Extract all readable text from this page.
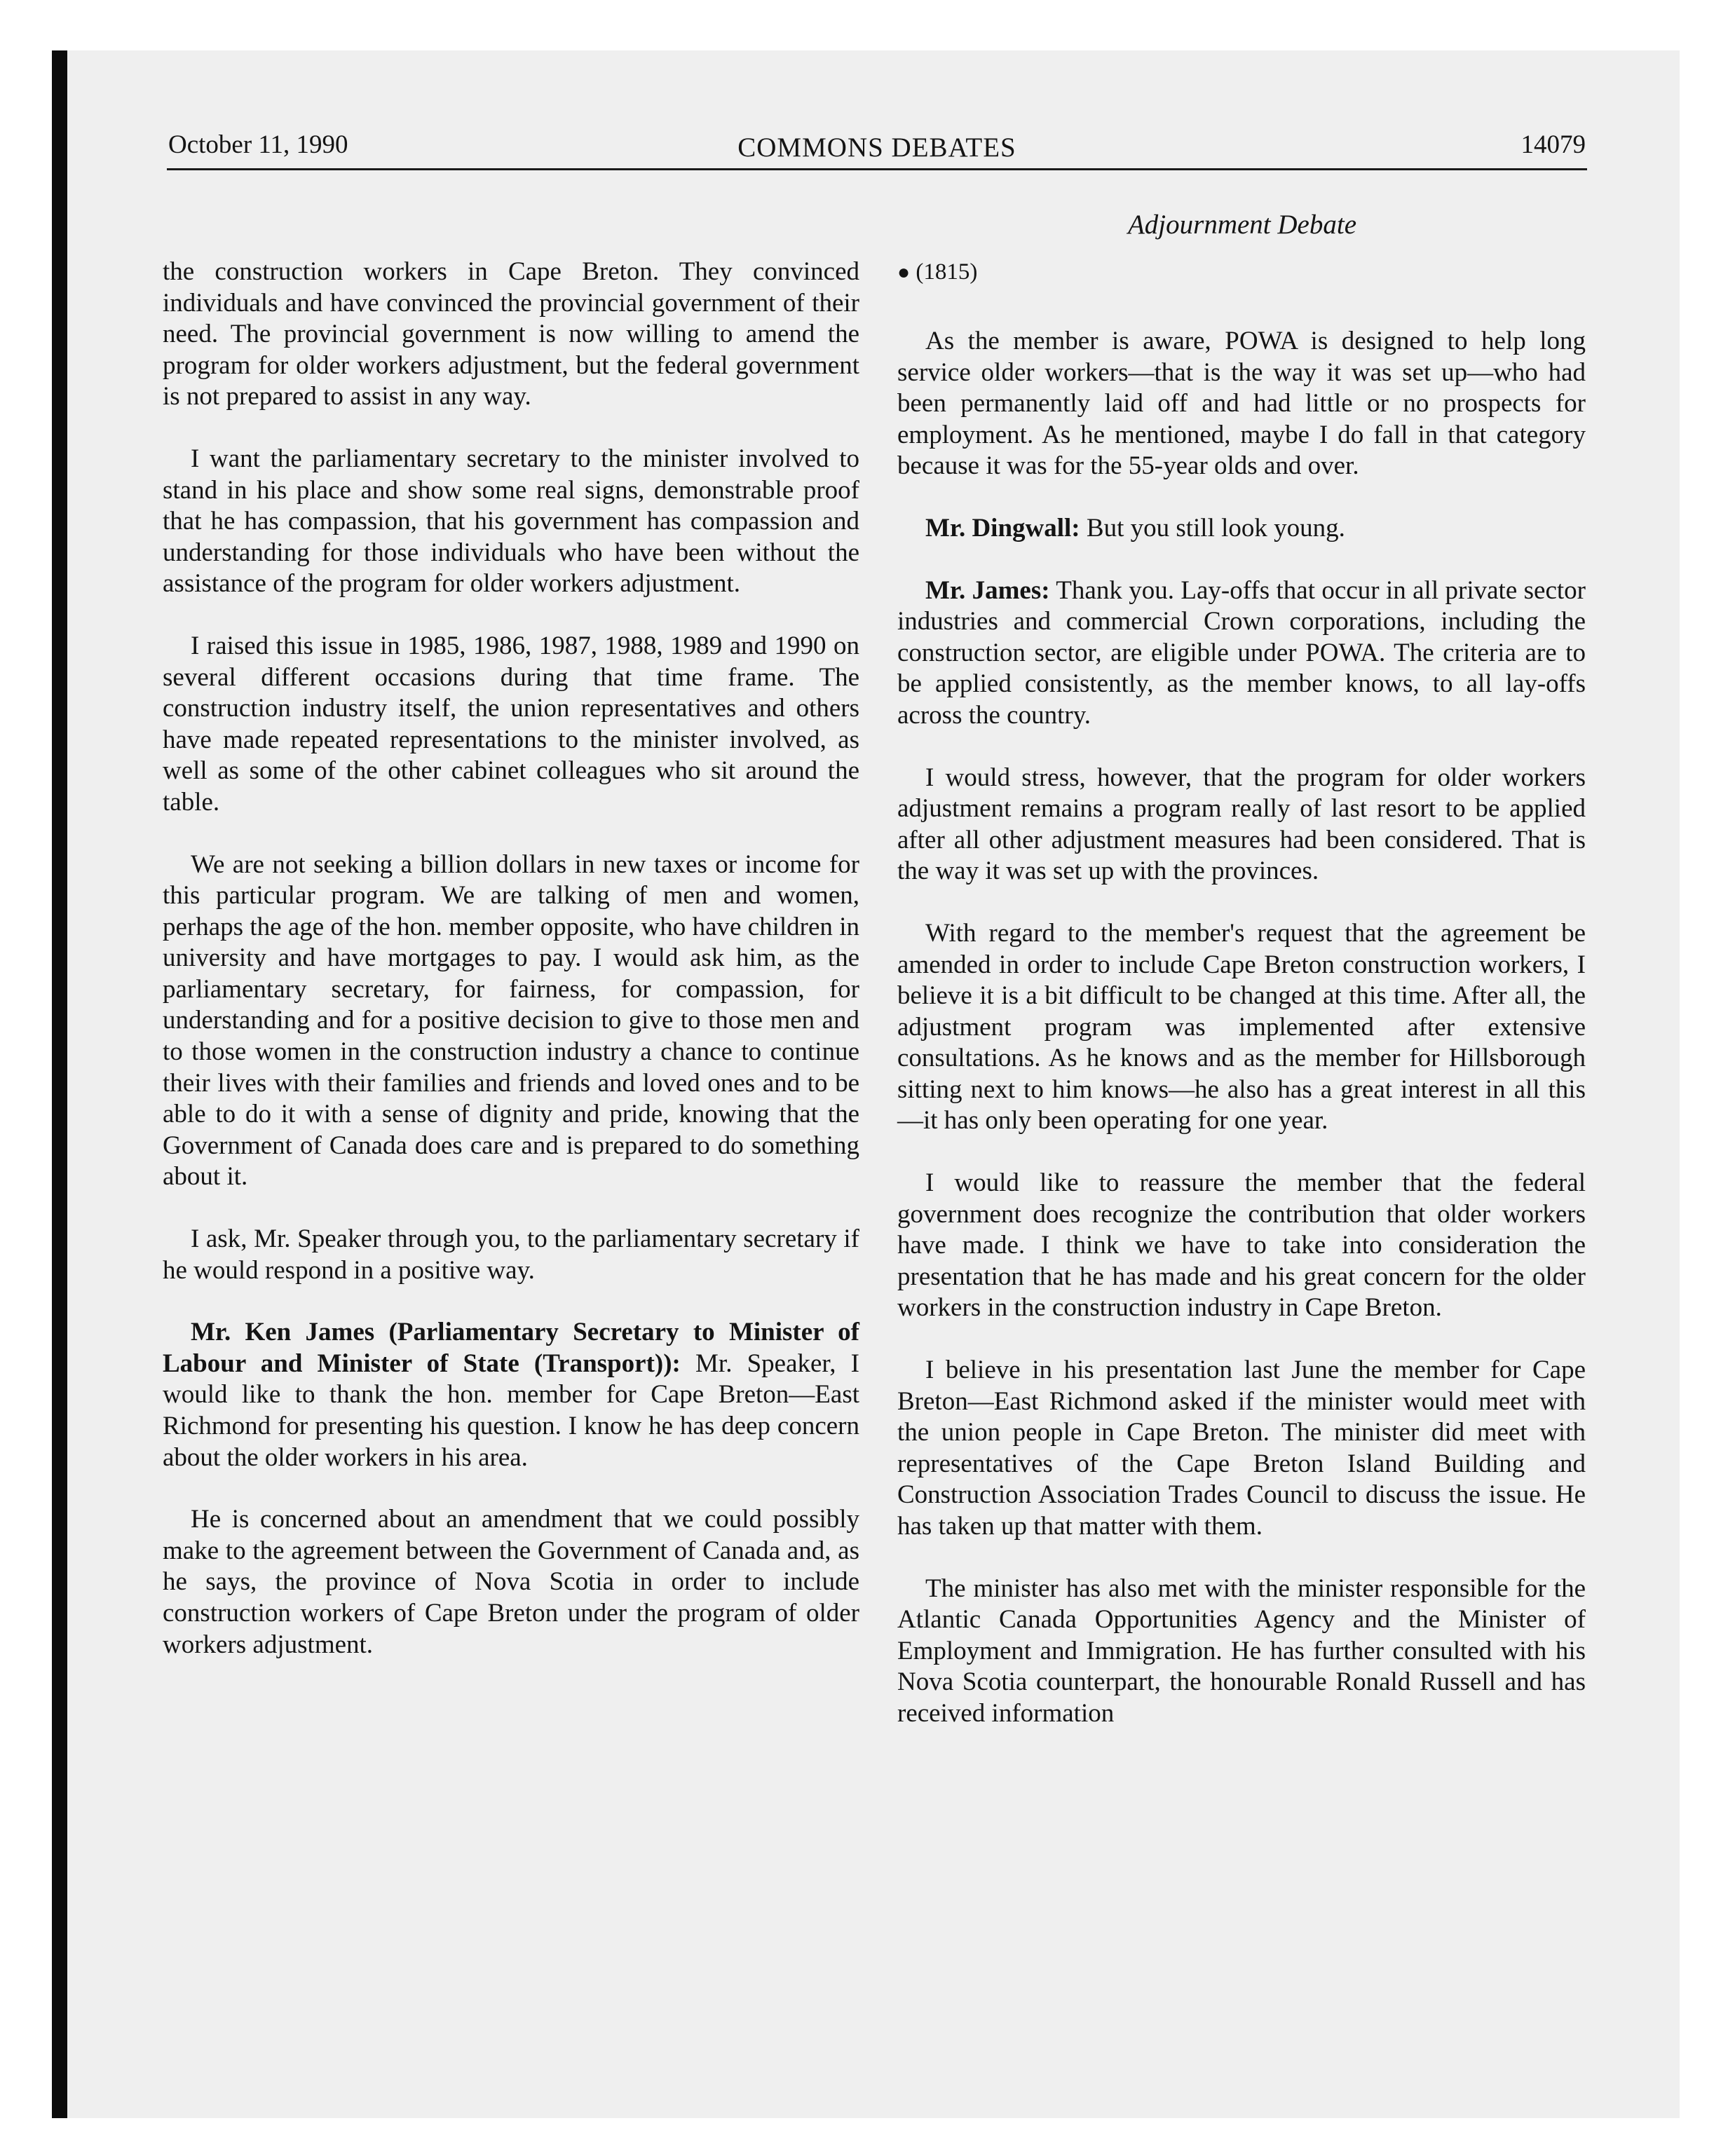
October 11, 1990	COMMONS DEBATES	14079
Adjournment Debate

the construction workers in Cape Breton. They convinced individuals and have convinced the provincial government of their need. The provincial government is now willing to amend the program for older workers adjustment, but the federal government is not prepared to assist in any way.

I want the parliamentary secretary to the minister involved to stand in his place and show some real signs, demonstrable proof that he has compassion, that his government has compassion and understanding for those individuals who have been without the assistance of the program for older workers adjustment.

I raised this issue in 1985, 1986, 1987, 1988, 1989 and 1990 on several different occasions during that time frame. The construction industry itself, the union representatives and others have made repeated representations to the minister involved, as well as some of the other cabinet colleagues who sit around the table.

We are not seeking a billion dollars in new taxes or income for this particular program. We are talking of men and women, perhaps the age of the hon. member opposite, who have children in university and have mortgages to pay. I would ask him, as the parliamentary secretary, for fairness, for compassion, for understanding and for a positive decision to give to those men and to those women in the construction industry a chance to continue their lives with their families and friends and loved ones and to be able to do it with a sense of dignity and pride, knowing that the Government of Canada does care and is prepared to do something about it.

I ask, Mr. Speaker through you, to the parliamentary secretary if he would respond in a positive way.

Mr. Ken James (Parliamentary Secretary to Minister of Labour and Minister of State (Transport)): Mr. Speaker, I would like to thank the hon. member for Cape Breton—East Richmond for presenting his question. I know he has deep concern about the older workers in his area.

He is concerned about an amendment that we could possibly make to the agreement between the Government of Canada and, as he says, the province of Nova Scotia in order to include construction workers of Cape Breton under the program of older workers adjustment.

● (1815)

As the member is aware, POWA is designed to help long service older workers—that is the way it was set up—who had been permanently laid off and had little or no prospects for employment. As he mentioned, maybe I do fall in that category because it was for the 55-year olds and over.

Mr. Dingwall: But you still look young.

Mr. James: Thank you. Lay-offs that occur in all private sector industries and commercial Crown corporations, including the construction sector, are eligible under POWA. The criteria are to be applied consistently, as the member knows, to all lay-offs across the country.

I would stress, however, that the program for older workers adjustment remains a program really of last resort to be applied after all other adjustment measures had been considered. That is the way it was set up with the provinces.

With regard to the member's request that the agreement be amended in order to include Cape Breton construction workers, I believe it is a bit difficult to be changed at this time. After all, the adjustment program was implemented after extensive consultations. As he knows and as the member for Hillsborough sitting next to him knows—he also has a great interest in all this—it has only been operating for one year.

I would like to reassure the member that the federal government does recognize the contribution that older workers have made. I think we have to take into consideration the presentation that he has made and his great concern for the older workers in the construction industry in Cape Breton.

I believe in his presentation last June the member for Cape Breton—East Richmond asked if the minister would meet with the union people in Cape Breton. The minister did meet with representatives of the Cape Breton Island Building and Construction Association Trades Council to discuss the issue. He has taken up that matter with them.

The minister has also met with the minister responsible for the Atlantic Canada Opportunities Agency and the Minister of Employment and Immigration. He has further consulted with his Nova Scotia counterpart, the honourable Ronald Russell and has received information
